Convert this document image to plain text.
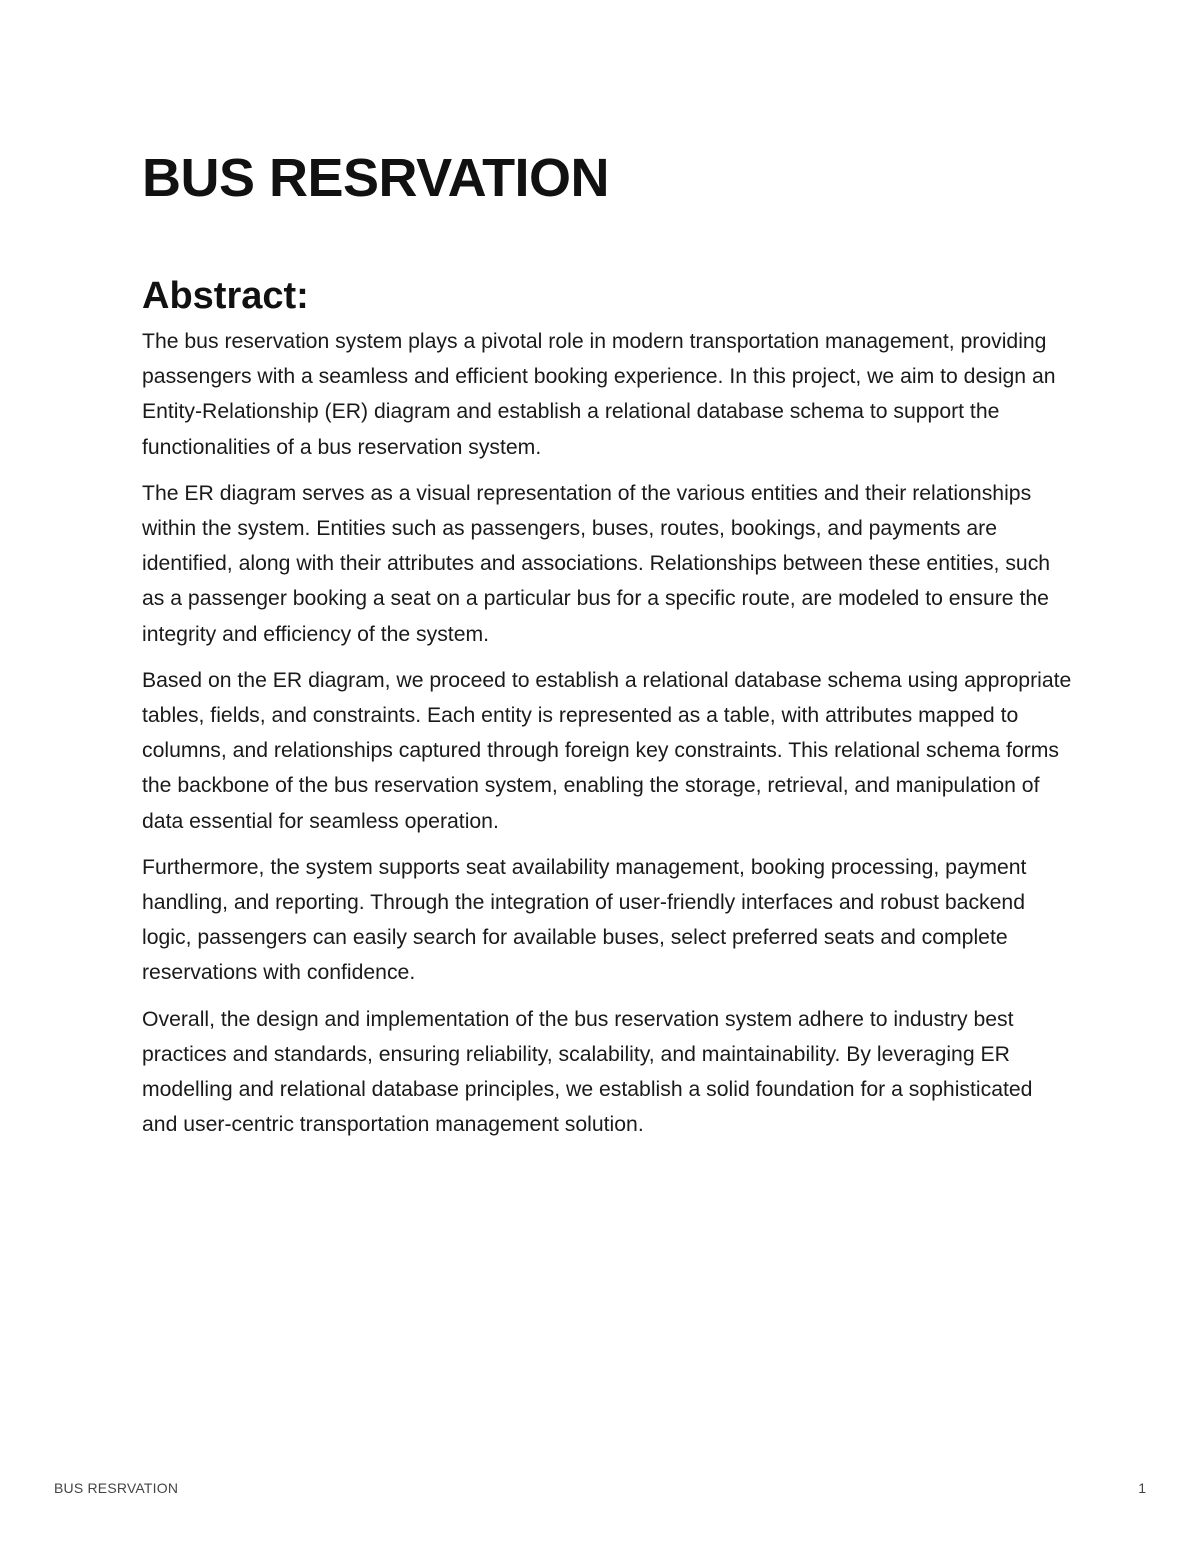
BUS RESRVATION
Abstract:

The bus reservation system plays a pivotal role in modern transportation management, providing passengers with a seamless and efficient booking experience. In this project, we aim to design an Entity-Relationship (ER) diagram and establish a relational database schema to support the functionalities of a bus reservation system.

The ER diagram serves as a visual representation of the various entities and their relationships within the system. Entities such as passengers, buses, routes, bookings, and payments are identified, along with their attributes and associations. Relationships between these entities, such as a passenger booking a seat on a particular bus for a specific route, are modeled to ensure the integrity and efficiency of the system.

Based on the ER diagram, we proceed to establish a relational database schema using appropriate tables, fields, and constraints. Each entity is represented as a table, with attributes mapped to columns, and relationships captured through foreign key constraints. This relational schema forms the backbone of the bus reservation system, enabling the storage, retrieval, and manipulation of data essential for seamless operation.

Furthermore, the system supports seat availability management, booking processing, payment handling, and reporting. Through the integration of user-friendly interfaces and robust backend logic, passengers can easily search for available buses, select preferred seats and complete reservations with confidence.

Overall, the design and implementation of the bus reservation system adhere to industry best practices and standards, ensuring reliability, scalability, and maintainability. By leveraging ER modelling and relational database principles, we establish a solid foundation for a sophisticated and user-centric transportation management solution.

BUS RESRVATION	1
